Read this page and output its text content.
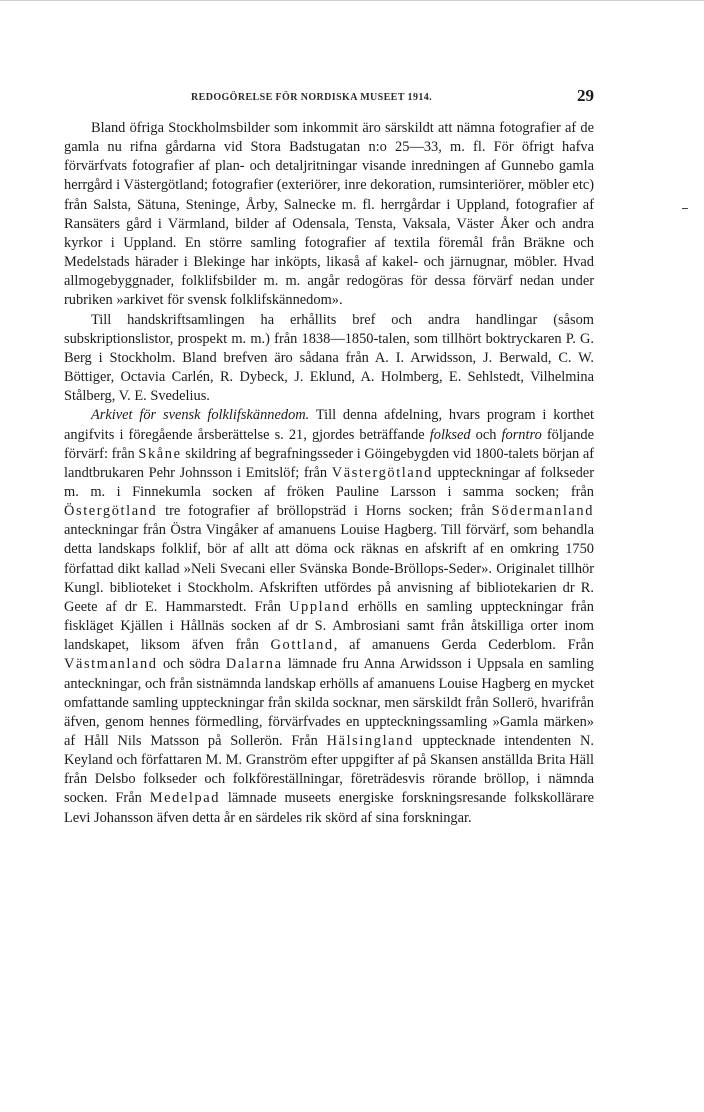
REDOGÖRELSE FÖR NORDISKA MUSEET 1914.	29

Bland öfriga Stockholmsbilder som inkommit äro särskildt att nämna fotografier af de gamla nu rifna gårdarna vid Stora Badstugatan n:o 25—33, m. fl. För öfrigt hafva förvärfvats fotografier af plan- och detaljritningar visande inredningen af Gunnebo gamla herrgård i Västergötland; fotografier (exteriörer, inre dekoration, rumsinteriörer, möbler etc) från Salsta, Sätuna, Steninge, Årby, Salnecke m. fl. herrgårdar i Uppland, fotografier af Ransäters gård i Värmland, bilder af Odensala, Tensta, Vaksala, Väster Åker och andra kyrkor i Uppland. En större samling fotografier af textila föremål från Bräkne och Medelstads härader i Blekinge har inköpts, likaså af kakel- och järnugnar, möbler. Hvad allmogebyggnader, folklifsbilder m. m. angår redogöras för dessa förvärf nedan under rubriken »arkivet för svensk folklifskännedom».

Till handskriftsamlingen ha erhållits bref och andra handlingar (såsom subskriptionslistor, prospekt m. m.) från 1838—1850-talen, som tillhört boktryckaren P. G. Berg i Stockholm. Bland brefven äro sådana från A. I. Arwidsson, J. Berwald, C. W. Böttiger, Octavia Carlén, R. Dybeck, J. Eklund, A. Holmberg, E. Sehlstedt, Vilhelmina Stålberg, V. E. Svedelius.

Arkivet för svensk folklifskännedom. Till denna afdelning, hvars program i korthet angifvits i föregående årsberättelse s. 21, gjordes beträffande folksed och forntro följande förvärf: från Skåne skildring af begrafningsseder i Göingebygden vid 1800-talets början af landtbrukaren Pehr Johnsson i Emitslöf; från Västergötland uppteckningar af folkseder m. m. i Finnekumla socken af fröken Pauline Larsson i samma socken; från Östergötland tre fotografier af bröllopsträd i Horns socken; från Södermanland anteckningar från Östra Vingåker af amanuens Louise Hagberg. Till förvärf, som behandla detta landskaps folklif, bör af allt att döma ock räknas en afskrift af en omkring 1750 författad dikt kallad »Neli Svecani eller Svänska Bonde-Bröllops-Seder». Originalet tillhör Kungl. biblioteket i Stockholm. Afskriften utfördes på anvisning af bibliotekarien dr R. Geete af dr E. Hammarstedt. Från Uppland erhölls en samling uppteckningar från fiskläget Kjällen i Hållnäs socken af dr S. Ambrosiani samt från åtskilliga orter inom landskapet, liksom äfven från Gottland, af amanuens Gerda Cederblom. Från Västmanland och södra Dalarna lämnade fru Anna Arwidsson i Uppsala en samling anteckningar, och från sistnämnda landskap erhölls af amanuens Louise Hagberg en mycket omfattande samling uppteckningar från skilda socknar, men särskildt från Sollerö, hvarifrån äfven, genom hennes förmedling, förvärfvades en uppteckningssamling »Gamla märken» af Håll Nils Matsson på Sollerön. Från Hälsingland upptecknade intendenten N. Keyland och författaren M. M. Granström efter uppgifter af på Skansen anställda Brita Häll från Delsbo folkseder och folkföreställningar, företrädesvis rörande bröllop, i nämnda socken. Från Medelpad lämnade museets energiske forskningsresande folkskollärare Levi Johansson äfven detta år en särdeles rik skörd af sina forskningar.
